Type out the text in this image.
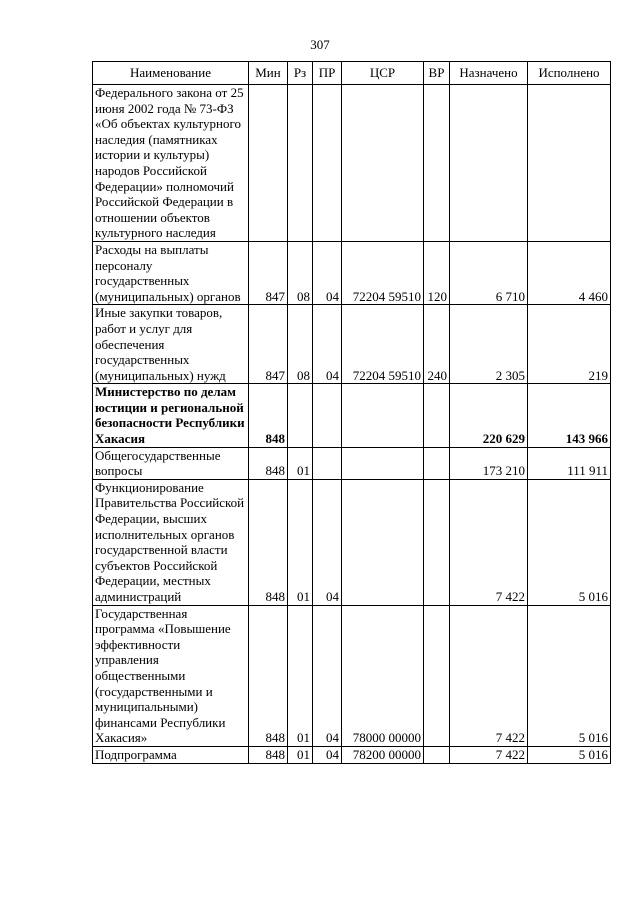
307
Наименование	Мин	Рз	ПР	ЦСР	ВР	Назначено	Исполнено
Федерального закона от 25 июня 2002 года № 73-ФЗ «Об объектах культурного наследия (памятниках истории и культуры) народов Российской Федерации» полномочий Российской Федерации в отношении объектов культурного наследия							
Расходы на выплаты персоналу государственных (муниципальных) органов	847	08	04	72204 59510	120	6 710	4 460
Иные закупки товаров, работ и услуг для обеспечения государственных (муниципальных) нужд	847	08	04	72204 59510	240	2 305	219
Министерство по делам юстиции и региональной безопасности Республики Хакасия	848					220 629	143 966
Общегосударственные вопросы	848	01				173 210	111 911
Функционирование Правительства Российской Федерации, высших исполнительных органов государственной власти субъектов Российской Федерации, местных администраций	848	01	04			7 422	5 016
Государственная программа «Повышение эффективности управления общественными (государственными и муниципальными) финансами Республики Хакасия»	848	01	04	78000 00000		7 422	5 016
Подпрограмма	848	01	04	78200 00000		7 422	5 016
